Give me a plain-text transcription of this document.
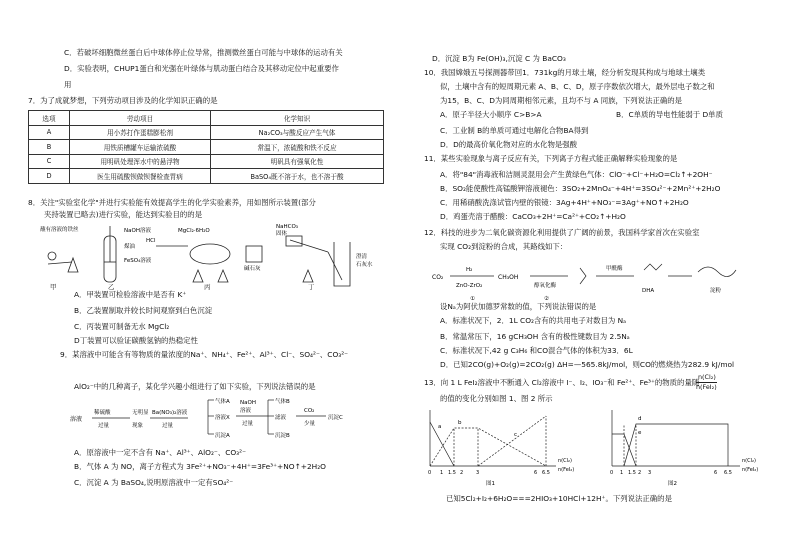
C．若破坏细胞微丝蛋白后中球体停止位导常，推测微丝蛋白可能与中球体的运动有关
D．实验表明，CHUP1蛋白和光强在叶绿体与肌动蛋白结合及其移动定位中起重要作
用
7．为了成就梦想，下列劳动项目涉及的化学知识正确的是
选项	劳动项目	化学知识
A	用小苏打作蛋糕膨松剂	Na₂CO₃与酸反应产生气体
B	用铁质槽罐车运输浓硫酸	常温下，浓硫酸和铁不反应
C	用明矾处理浑水中的悬浮物	明矾具有强氧化性
D	医生用硫酸钡做钡餐检查胃病	BaSO₄既不溶于水，也不溶于酸
8．关注"实验室化学"并进行实验能有效提高学生的化学实验素养，用如图所示装置(部分
夹持装置已略去)进行实验，能达到实验目的的是
蘸有溶液的铁丝	NaOH溶液
煤油
FeSO₄溶液
HCl
MgCl₂·6H₂O
碱石灰
NaHCO₃
固体
澄清
石灰水
甲	乙	丙	丁
A．甲装置可检验溶液中是否有 K⁺
B．乙装置制取并较长时间观察到白色沉淀
C．丙装置可制备无水 MgCl₂
D丁装置可以验证碳酸氢钠的热稳定性
9．某溶液中可能含有等物质的量浓度的Na⁺、NH₄⁺、Fe²⁺、Al³⁺、Cl⁻、SO₄²⁻、CO₃²⁻
AlO₂⁻中的几种离子，某化学兴趣小组进行了如下实验，下列说法错误的是
溶液
稀硫酸
过量
无明显
现象
Ba(NO₃)₂溶液
过量
气体A
溶液X
沉淀A
NaOH
溶液
过量
气体B
滤液
沉淀B
CO₂
少量
沉淀C
A．原溶液中一定不含有 Na⁺、Al³⁺、AlO₂⁻、CO₃²⁻
B．气体 A 为 NO，离子方程式为 3Fe²⁺+NO₃⁻+4H⁺=3Fe³⁺+NO↑+2H₂O
C．沉淀 A 为 BaSO₄,说明原溶液中一定有SO₄²⁻
D．沉淀 B为 Fe(OH)₃,沉淀 C 为 BaCO₃
10．我国嫦娥五号探测器带回1．731kg的月球土壤，经分析发现其构成与地球土壤类
似，土壤中含有的短周期元素 A、B、C、D，原子序数依次增大，最外层电子数之和
为15，B、C、D为同周期相邻元素，且均不与 A 同族，下列说法正确的是
A．原子半径大小顺序 C>B>A	B．C单质的导电性能弱于 D单质
C．工业制 B的单质可通过电解化合物BA得到
D．D的最高价氧化物对应的水化物是强酸
11．某些实验现象与离子反应有关，下列离子方程式能正确解释实验现象的是
A．将"84"消毒液和洁厕灵混用会产生黄绿色气体：ClO⁻+Cl⁻+H₂O=Cl₂↑+2OH⁻
B．SO₂能使酸性高锰酸钾溶液褪色：3SO₂+2MnO₄⁻+4H⁺=3SO₄²⁻+2Mn²⁺+2H₂O
C．用稀硝酸洗涤试管内壁的银镜：3Ag+4H⁺+NO₃⁻=3Ag⁺+NO↑+2H₂O
D．鸡蛋壳溶于醋酸：CaCO₃+2H⁺=Ca²⁺+CO₂↑+H₂O
12．科技的进步为二氧化碳资源化利用提供了广阔的前景，我国科学家首次在实验室
实现 CO₂到淀粉的合成，其路线如下：
CO₂
H₂
ZnO-ZrO₂
CH₃OH
醇氧化酶
甲酰酶
DHA	淀粉
①	②
设Nₐ为阿伏加德罗常数的值，下列说法错误的是
A．标准状况下，2．1L CO₂含有的共用电子对数目为 Nₐ
B．常温常压下，16 gCH₃OH 含有的极性键数目为 2.5Nₐ
C．标准状况下,42 g C₃H₆ 和CO混合气体的体积为33．6L
D．已知2CO(g)+O₂(g)=2CO₂(g) ΔH=—565.8kJ/mol，则CO的燃烧热为282.9 kJ/mol
13．向 1 L FeI₂溶液中不断通入 Cl₂溶液中 I⁻、I₂、IO₃⁻和 Fe²⁺、Fe³⁺的物质的量随
n(Cl₂)
n(FeI₂)
的值的变化分别如图 1、图 2 所示
a
b
c
n(Cl₂)
n(FeI₂)
0 1 1.5 2	3	6 6.5
图1
d
e
n(Cl₂)
n(FeI₂)
0 1 1.5 2 3	6 6.5
图2
已知5Cl₂+I₂+6H₂O===2HIO₃+10HCl+12H⁺。下列说法正确的是
